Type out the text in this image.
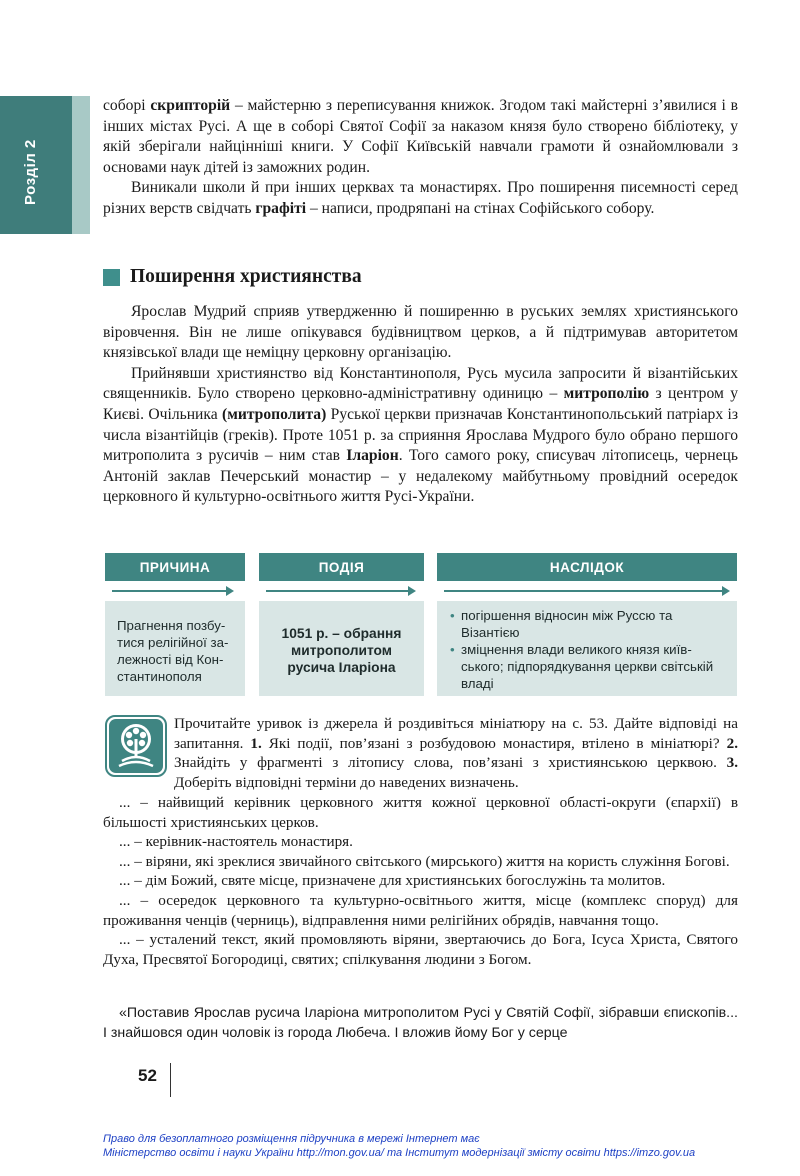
Розділ 2

соборі скрипторій – майстерню з переписування книжок. Згодом такі майстерні з’явилися і в інших містах Русі. А ще в соборі Святої Софії за наказом князя було створено бібліотеку, у якій зберігали найцінніші книги. У Софії Київській навчали грамоти й ознайомлювали з основами наук дітей із заможних родин.

Виникали школи й при інших церквах та монастирях. Про поширення писемності серед різних верств свідчать графіті – написи, продряпані на стінах Софійського собору.

Поширення християнства

Ярослав Мудрий сприяв утвердженню й поширенню в руських землях християнського віровчення. Він не лише опікувався будівництвом церков, а й підтримував авторитетом князівської влади ще неміцну церковну організацію.

Прийнявши християнство від Константинополя, Русь мусила запросити й візантійських священників. Було створено церковно-адміністративну одиницю – митрополію з центром у Києві. Очільника (митрополита) Руської церкви призначав Константинопольський патріарх із числа візантійців (греків). Проте 1051 р. за сприяння Ярослава Мудрого було обрано першого митрополита з русичів – ним став Іларіон. Того самого року, списувач літописець, чернець Антоній заклав Печерський монастир – у недалекому майбутньому провідний осередок церковного й культурно-освітнього життя Русі-України.

ПРИЧИНА	ПОДІЯ	НАСЛІДОК
Прагнення позбутися релігійної залежності від Константинополя
1051 р. – обрання митрополитом русича Іларіона
• погіршення відносин між Руссю та Візантією
• зміцнення влади великого князя київського; підпорядкування церкви світській владі

Прочитайте уривок із джерела й роздивіться мініатюру на с. 53. Дайте відповіді на запитання. 1. Які події, пов’язані з розбудовою монастиря, втілено в мініатюрі? 2. Знайдіть у фрагменті з літопису слова, пов’язані з християнською церквою. 3. Доберіть відповідні терміни до наведених визначень.

... – найвищий керівник церковного життя кожної церковної області-округи (єпархії) в більшості християнських церков.

... – керівник-настоятель монастиря.

... – віряни, які зреклися звичайного світського (мирського) життя на користь служіння Богові.

... – дім Божий, святе місце, призначене для християнських богослужінь та молитов.

... – осередок церковного та культурно-освітнього життя, місце (комплекс споруд) для проживання ченців (черниць), відправлення ними релігійних обрядів, навчання тощо.

... – усталений текст, який промовляють віряни, звертаючись до Бога, Ісуса Христа, Святого Духа, Пресвятої Богородиці, святих; спілкування людини з Богом.

«Поставив Ярослав русича Іларіона митрополитом Русі у Святій Софії, зібравши єпископів... І знайшовся один чоловік із города Любеча. І вложив йому Бог у серце

52
Право для безоплатного розміщення підручника в мережі Інтернет має
Міністерство освіти і науки України http://mon.gov.ua/ та Інститут модернізації змісту освіти https://imzo.gov.ua
